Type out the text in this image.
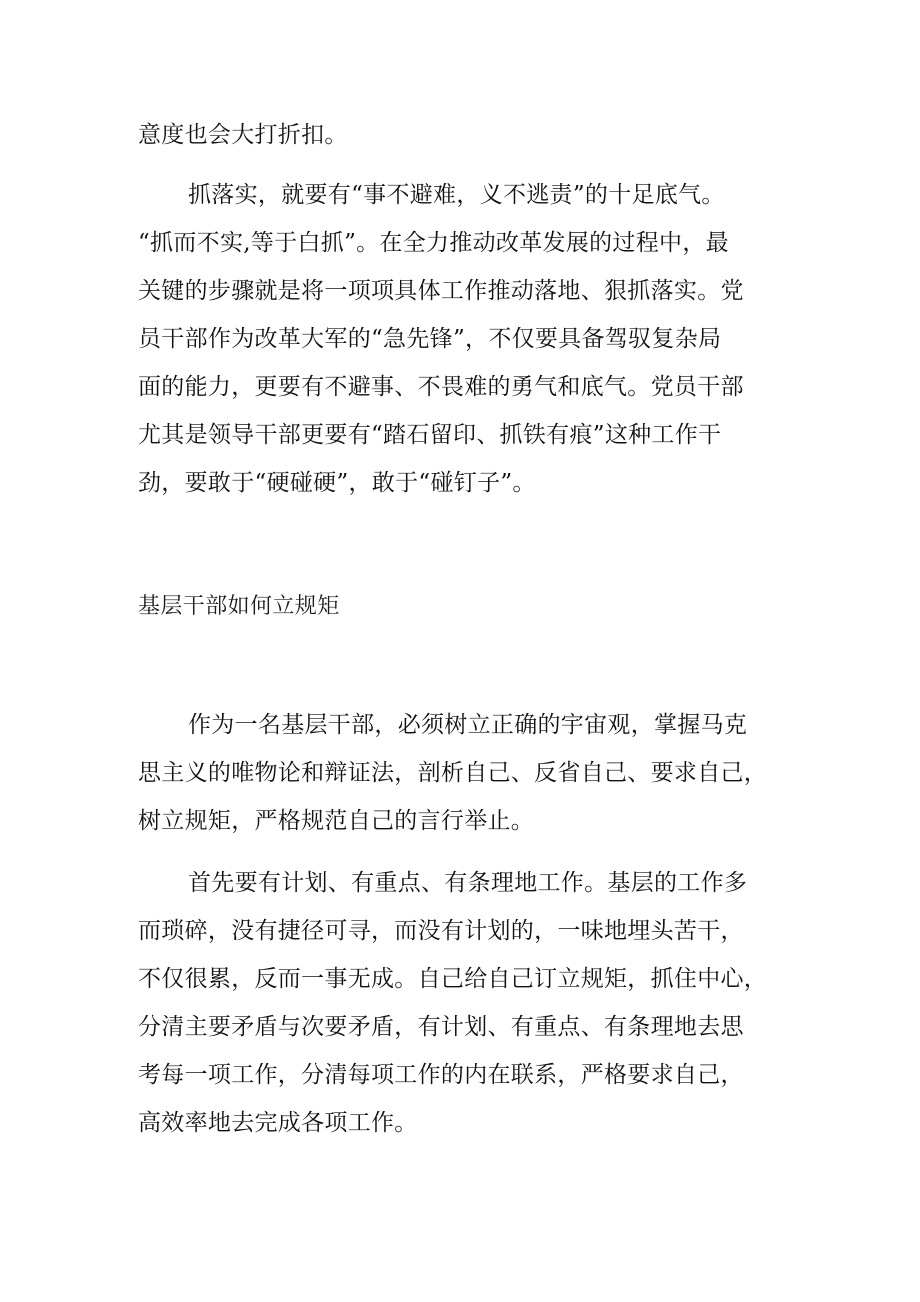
意度也会大打折扣。

抓落实，就要有“事不避难，义不逃责”的十足底气。

“抓而不实,等于白抓”。在全力推动改革发展的过程中，最

关键的步骤就是将一项项具体工作推动落地、狠抓落实。党

员干部作为改革大军的“急先锋”，不仅要具备驾驭复杂局

面的能力，更要有不避事、不畏难的勇气和底气。党员干部

尤其是领导干部更要有“踏石留印、抓铁有痕”这种工作干

劲，要敢于“硬碰硬”，敢于“碰钉子”。

基层干部如何立规矩

作为一名基层干部，必须树立正确的宇宙观，掌握马克

思主义的唯物论和辩证法，剖析自己、反省自己、要求自己，

树立规矩，严格规范自己的言行举止。

首先要有计划、有重点、有条理地工作。基层的工作多

而琐碎，没有捷径可寻，而没有计划的，一味地埋头苦干，

不仅很累，反而一事无成。自己给自己订立规矩，抓住中心，

分清主要矛盾与次要矛盾，有计划、有重点、有条理地去思

考每一项工作，分清每项工作的内在联系，严格要求自己，

高效率地去完成各项工作。
